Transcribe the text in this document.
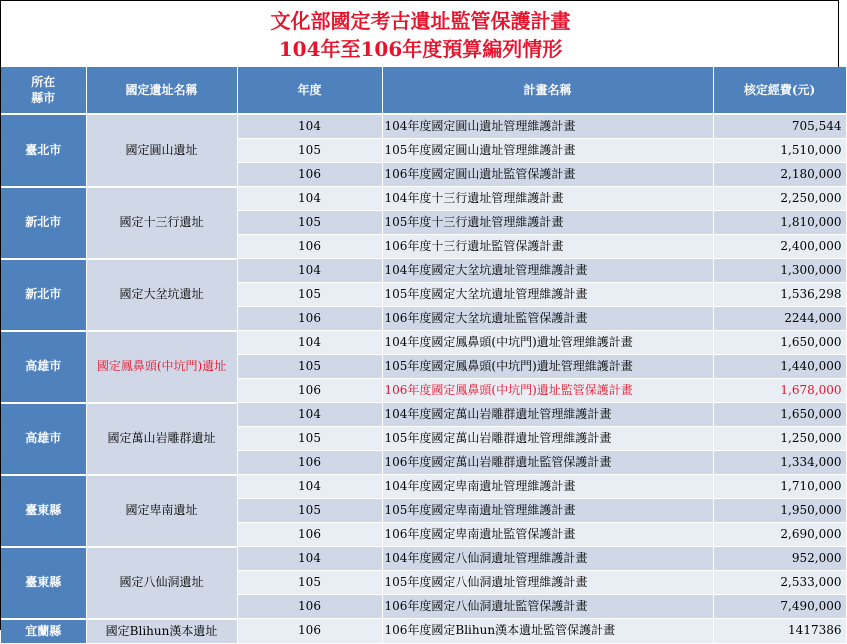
文化部國定考古遺址監管保護計畫
104年至106年度預算編列情形
所在
縣市	國定遺址名稱	年度	計畫名稱	核定經費(元)
臺北市	國定圓山遺址	104	104年度國定圓山遺址管理維護計畫	705,544
		105	105年度國定圓山遺址管理維護計畫	1,510,000
		106	106年度國定圓山遺址監管保護計畫	2,180,000
新北市	國定十三行遺址	104	104年度十三行遺址管理維護計畫	2,250,000
		105	105年度十三行遺址管理維護計畫	1,810,000
		106	106年度十三行遺址監管保護計畫	2,400,000
新北市	國定大坌坑遺址	104	104年度國定大坌坑遺址管理維護計畫	1,300,000
		105	105年度國定大坌坑遺址管理維護計畫	1,536,298
		106	106年度國定大坌坑遺址監管保護計畫	2244,000
高雄市	國定鳳鼻頭(中坑門)遺址	104	104年度國定鳳鼻頭(中坑門)遺址管理維護計畫	1,650,000
		105	105年度國定鳳鼻頭(中坑門)遺址管理維護計畫	1,440,000
		106	106年度國定鳳鼻頭(中坑門)遺址監管保護計畫	1,678,000
高雄市	國定萬山岩雕群遺址	104	104年度國定萬山岩雕群遺址管理維護計畫	1,650,000
		105	105年度國定萬山岩雕群遺址管理維護計畫	1,250,000
		106	106年度國定萬山岩雕群遺址監管保護計畫	1,334,000
臺東縣	國定卑南遺址	104	104年度國定卑南遺址管理維護計畫	1,710,000
		105	105年度國定卑南遺址管理維護計畫	1,950,000
		106	106年度國定卑南遺址監管保護計畫	2,690,000
臺東縣	國定八仙洞遺址	104	104年度國定八仙洞遺址管理維護計畫	952,000
		105	105年度國定八仙洞遺址管理維護計畫	2,533,000
		106	106年度國定八仙洞遺址監管保護計畫	7,490,000
宜蘭縣	國定Blihun漢本遺址	106	106年度國定Blihun漢本遺址監管保護計畫	1417386
